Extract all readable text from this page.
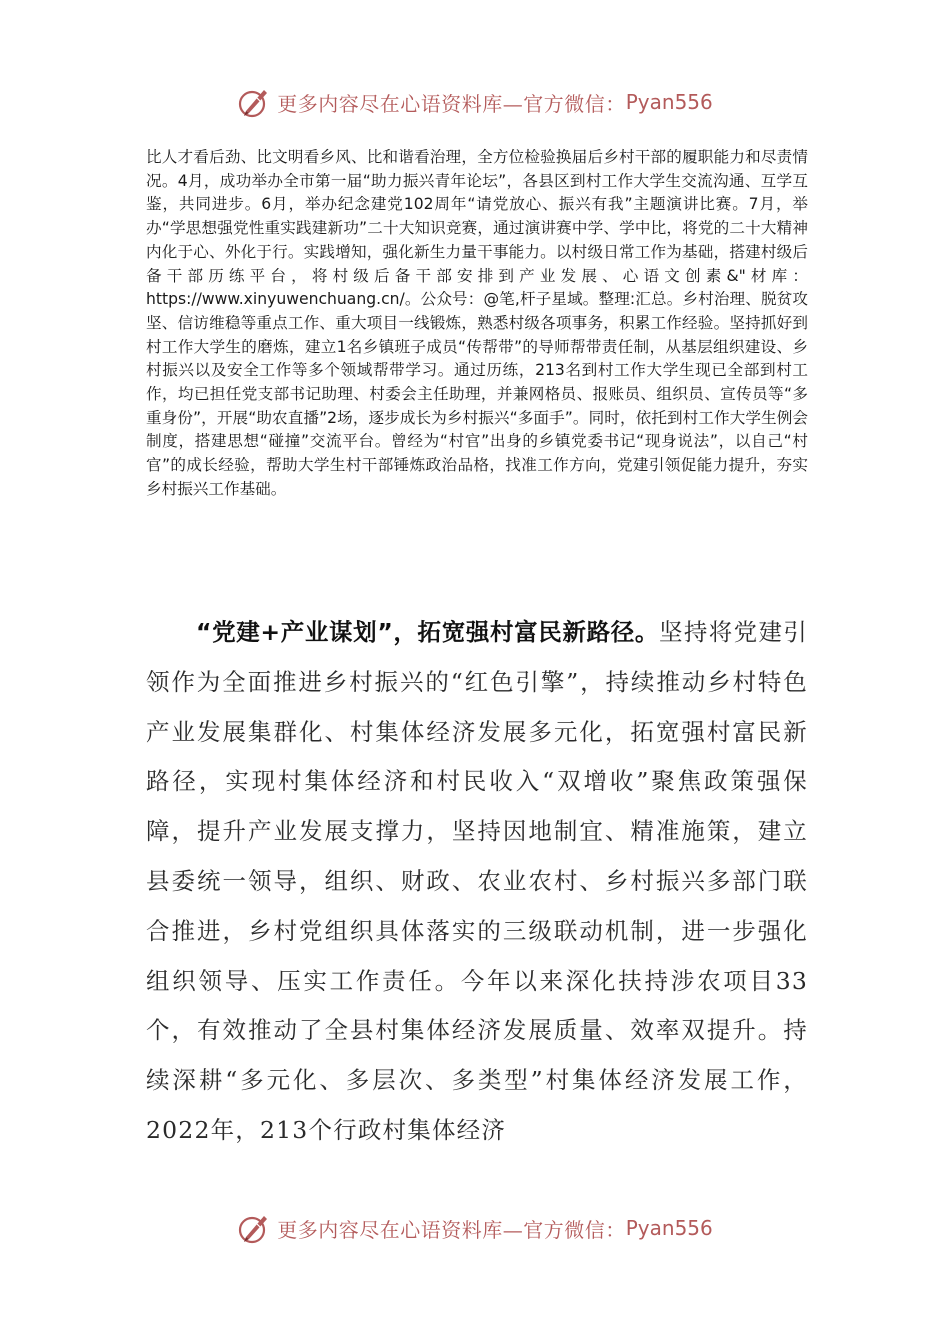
更多内容尽在心语资料库—官方微信： Pyan556

比人才看后劲、比文明看乡风、比和谐看治理，全方位检验换届后乡村干部的履职能力和尽责情况。4月，成功举办全市第一届“助力振兴青年论坛”，各县区到村工作大学生交流沟通、互学互鉴，共同进步。6月，举办纪念建党102周年“请党放心、振兴有我”主题演讲比赛。7月，举办“学思想强党性重实践建新功”二十大知识竞赛，通过演讲赛中学、学中比，将党的二十大精神内化于心、外化于行。实践增知，强化新生力量干事能力。以村级日常工作为基础，搭建村级后备干部历练平台，将村级后备干部安排到产业发展、心语文创素&"材库：https://www.xinyuwenchuang.cn/。公众号：@笔,杆子星域。整理:汇总。乡村治理、脱贫攻坚、信访维稳等重点工作、重大项目一线锻炼，熟悉村级各项事务，积累工作经验。坚持抓好到村工作大学生的磨炼，建立1名乡镇班子成员“传帮带”的导师帮带责任制，从基层组织建设、乡村振兴以及安全工作等多个领域帮带学习。通过历练，213名到村工作大学生现已全部到村工作，均已担任党支部书记助理、村委会主任助理，并兼网格员、报账员、组织员、宣传员等“多重身份”，开展“助农直播”2场，逐步成长为乡村振兴“多面手”。同时，依托到村工作大学生例会制度，搭建思想“碰撞”交流平台。曾经为“村官”出身的乡镇党委书记“现身说法”，以自己“村官”的成长经验，帮助大学生村干部锤炼政治品格，找准工作方向，党建引领促能力提升，夯实乡村振兴工作基础。

“党建+产业谋划”，拓宽强村富民新路径。坚持将党建引领作为全面推进乡村振兴的“红色引擎”，持续推动乡村特色产业发展集群化、村集体经济发展多元化，拓宽强村富民新路径，实现村集体经济和村民收入“双增收”聚焦政策强保障，提升产业发展支撑力，坚持因地制宜、精准施策，建立县委统一领导，组织、财政、农业农村、乡村振兴多部门联合推进，乡村党组织具体落实的三级联动机制，进一步强化组织领导、压实工作责任。今年以来深化扶持涉农项目33个，有效推动了全县村集体经济发展质量、效率双提升。持续深耕“多元化、多层次、多类型”村集体经济发展工作，2022年，213个行政村集体经济

更多内容尽在心语资料库—官方微信： Pyan556
